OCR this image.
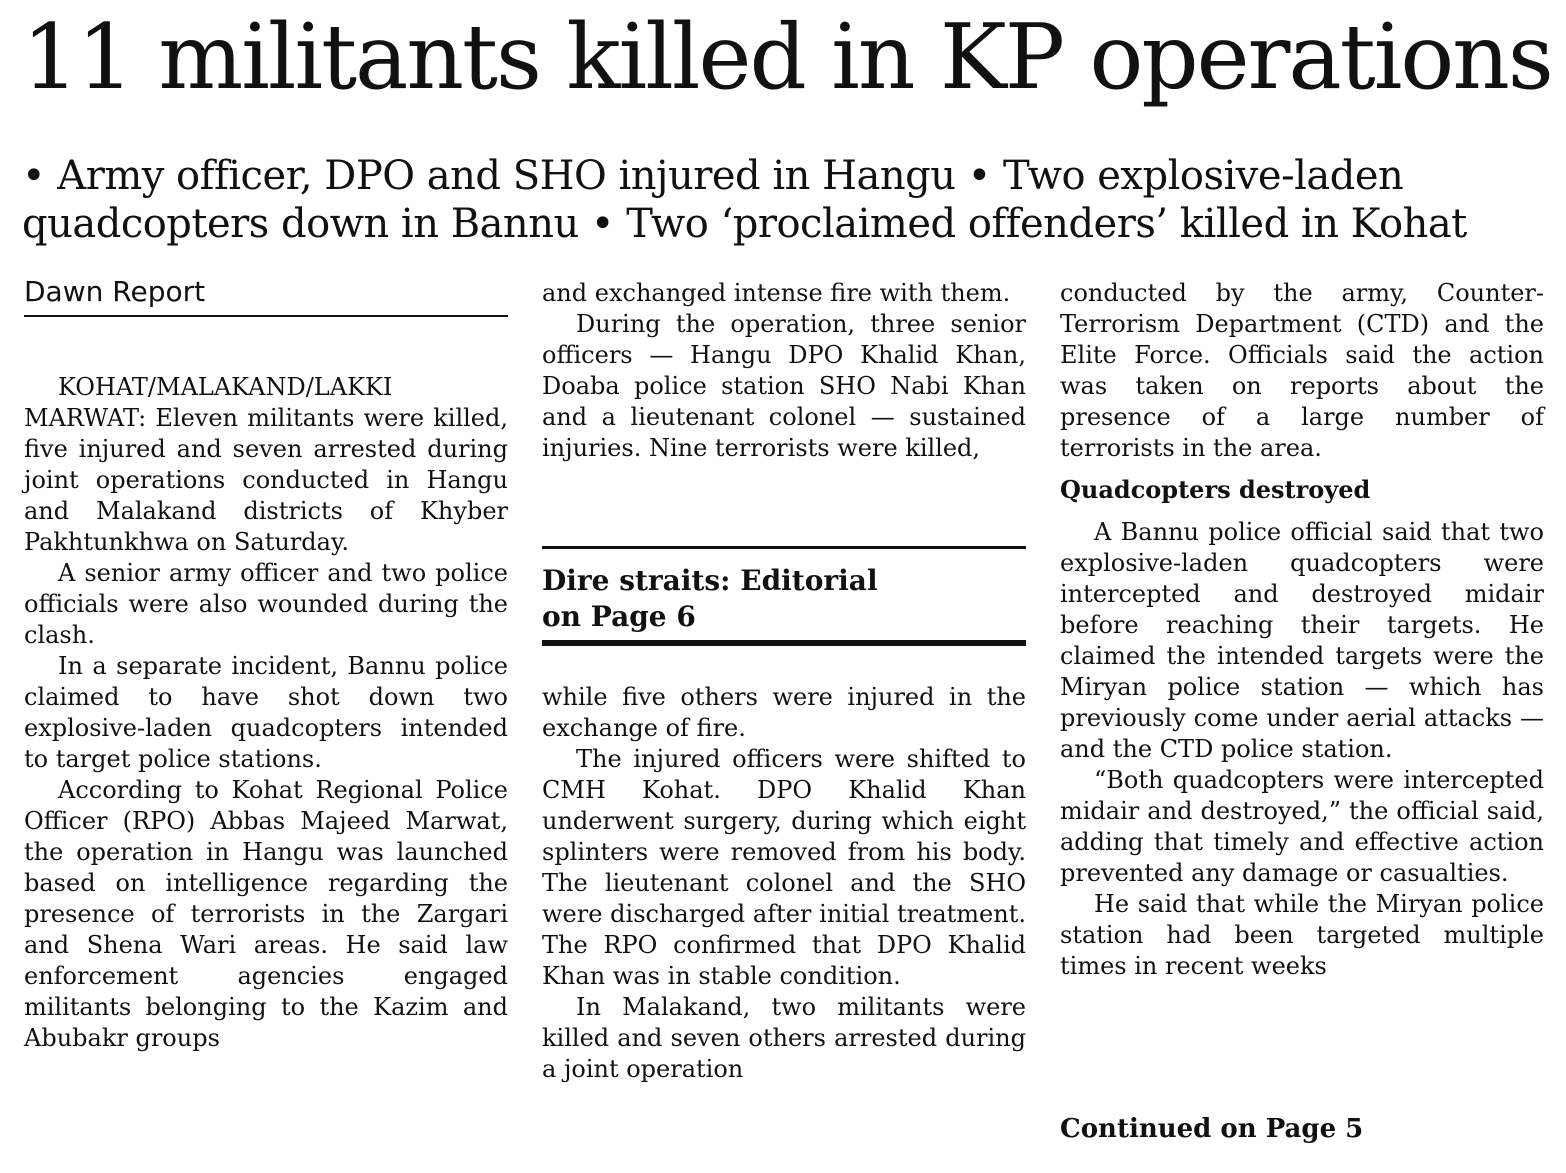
11 militants killed in KP operations
• Army officer, DPO and SHO injured in Hangu • Two explosive-laden
quadcopters down in Bannu • Two ‘proclaimed offenders’ killed in Kohat
Dawn Report

KOHAT/MALAKAND/LAKKI MARWAT: Eleven militants were killed, five injured and seven arrested during joint operations conducted in Hangu and Malakand districts of Khyber Pakhtunkhwa on Saturday.

A senior army officer and two police officials were also wounded during the clash.

In a separate incident, Bannu police claimed to have shot down two explosive-laden quadcopters intended to target police stations.

According to Kohat Regional Police Officer (RPO) Abbas Majeed Marwat, the operation in Hangu was launched based on intelligence regarding the presence of terrorists in the Zargari and Shena Wari areas. He said law enforcement agencies engaged militants belonging to the Kazim and Abubakr groups

and exchanged intense fire with them.

During the operation, three senior officers — Hangu DPO Khalid Khan, Doaba police station SHO Nabi Khan and a lieutenant colonel — sustained injuries. Nine terrorists were killed,

Dire straits: Editorial
on Page 6

while five others were injured in the exchange of fire.

The injured officers were shifted to CMH Kohat. DPO Khalid Khan underwent surgery, during which eight splinters were removed from his body. The lieutenant colonel and the SHO were discharged after initial treatment. The RPO confirmed that DPO Khalid Khan was in stable condition.

In Malakand, two militants were killed and seven others arrested during a joint operation

conducted by the army, Counter-Terrorism Department (CTD) and the Elite Force. Officials said the action was taken on reports about the presence of a large number of terrorists in the area.

Quadcopters destroyed

A Bannu police official said that two explosive-laden quadcopters were intercepted and destroyed midair before reaching their targets. He claimed the intended targets were the Miryan police station — which has previously come under aerial attacks — and the CTD police station.

“Both quadcopters were intercepted midair and destroyed,” the official said, adding that timely and effective action prevented any damage or casualties.

He said that while the Miryan police station had been targeted multiple times in recent weeks

Continued on Page 5
